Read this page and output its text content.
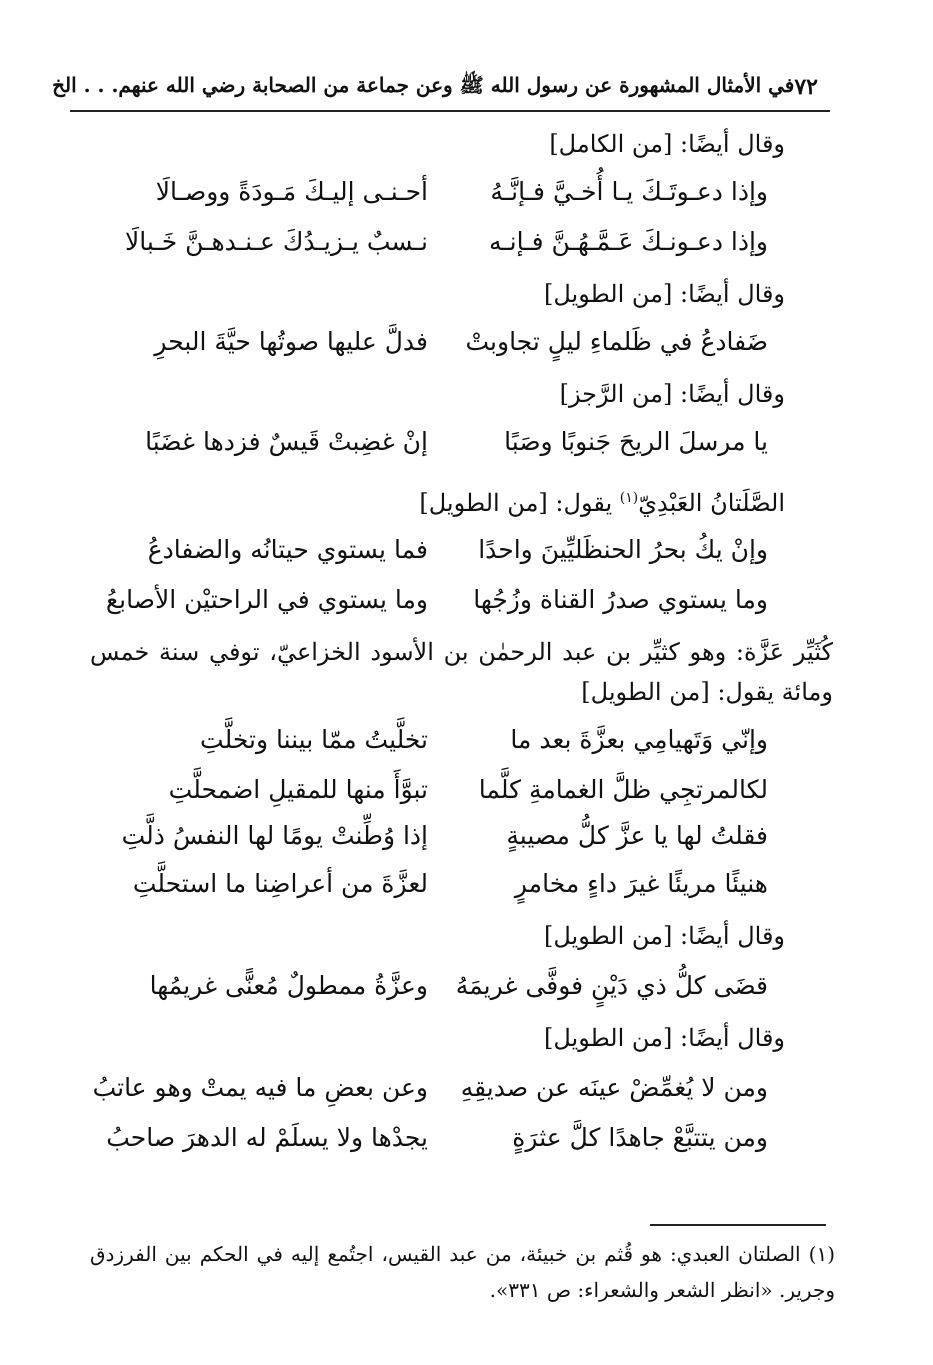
٧٢
في الأمثال المشهورة عن رسول الله ﷺ وعن جماعة من الصحابة رضي الله عنهم. . . الخ
وقال أيضًا: [من الكامل]
وإذا دعـوتَـكَ يـا أُخـيَّ فـإنَّـهُ
أحـنـى إليـكَ مَـودَةً ووصـالَا
وإذا دعـونـكَ عَـمَّـهُـنَّ فـإنـه
نـسبٌ يـزيـدُكَ عـنـدهـنَّ خَـبالَا
وقال أيضًا: [من الطويل]
ضَفادعُ في ظَلماءِ ليلٍ تجاوبتْ
فدلَّ عليها صوتُها حيَّةَ البحرِ
وقال أيضًا: [من الرَّجز]
يا مرسلَ الريحَ جَنوبًا وصَبًا
إنْ غضِبتْ قَيسٌ فزدها غضَبًا
الصَّلَتانُ العَبْدِيّ$^{(١)}$ يقول: [من الطويل]
وإنْ يكُ بحرُ الحنظَليِّينَ واحدًا
فما يستوي حيتانُه والضفادعُ
وما يستوي صدرُ القناة وزُجُها
وما يستوي في الراحتيْن الأصابعُ
كُثَيِّر عَزَّة: وهو كثيِّر بن عبد الرحمٰن بن الأسود الخزاعيّ، توفي سنة خمس ومائة يقول: [من الطويل]
وإنّي وَتَهيامِي بعزَّةَ بعد ما
تخلَّيتُ ممّا بيننا وتخلَّتِ
لكالمرتجِي ظلَّ الغمامةِ كلَّما
تبوَّأَ منها للمقيلِ اضمحلَّتِ
فقلتُ لها يا عزَّ كلُّ مصيبةٍ
إذا وُطِّنتْ يومًا لها النفسُ ذلَّتِ
هنيئًا مريئًا غيرَ داءٍ مخامرٍ
لعزَّةَ من أعراضِنا ما استحلَّتِ
وقال أيضًا: [من الطويل]
قضَى كلُّ ذي دَيْنٍ فوفَّى غريمَهُ
وعزَّةُ ممطولٌ مُعنًّى غريمُها
وقال أيضًا: [من الطويل]
ومن لا يُغمِّضْ عينَه عن صديقِهِ
وعن بعضِ ما فيه يمتْ وهو عاتبُ
ومن يتتبَّعْ جاهدًا كلَّ عثرَةٍ
يجدْها ولا يسلَمْ له الدهرَ صاحبُ
(١) الصلتان العبدي: هو قُثم بن خبيئة، من عبد القيس، اجتُمع إليه في الحكم بين الفرزدق وجرير. «انظر الشعر والشعراء: ص ٣٣١».
